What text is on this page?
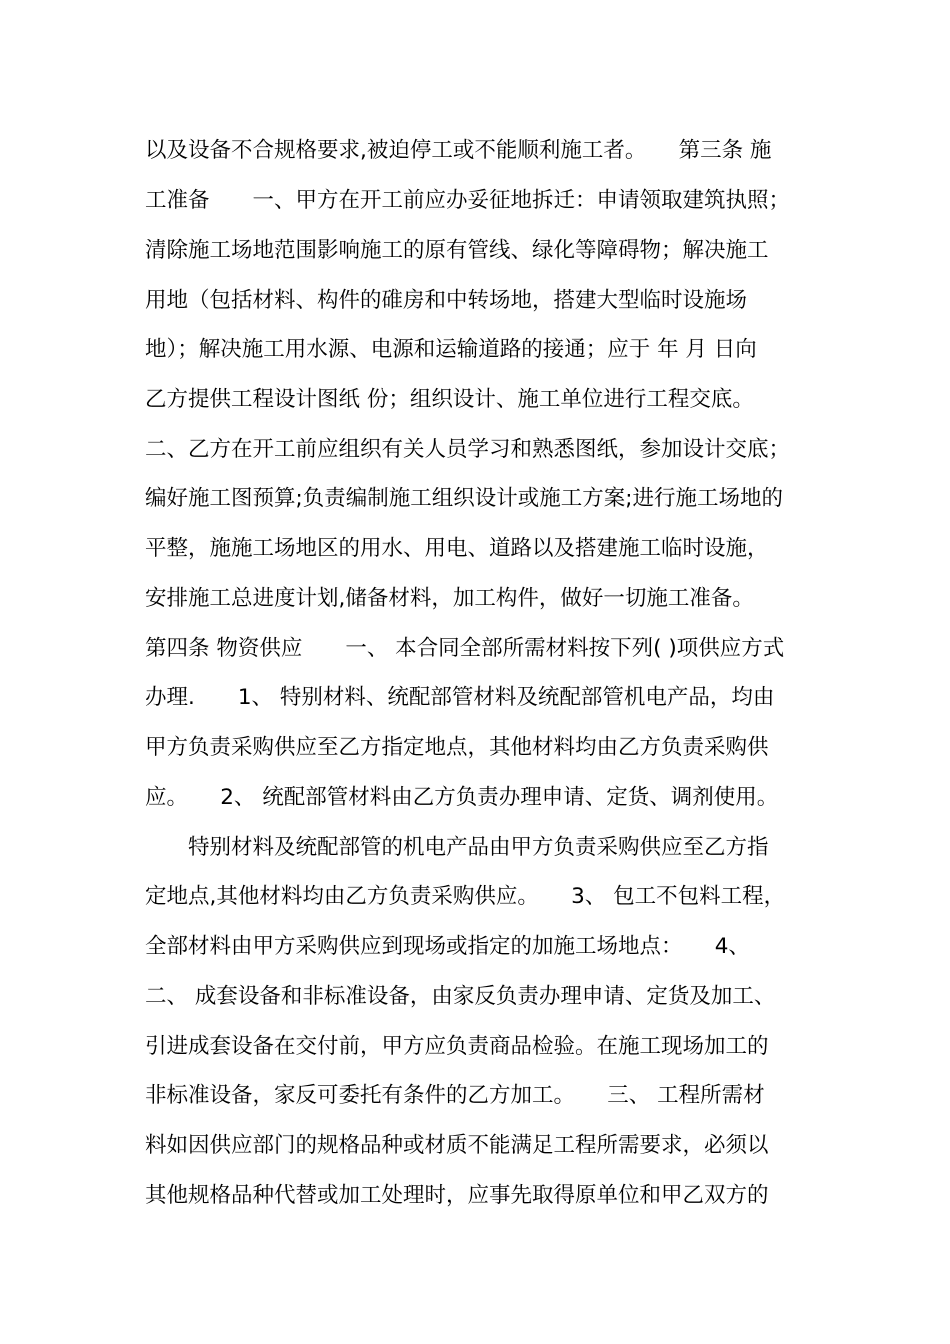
以及设备不合规格要求,被迫停工或不能顺利施工者。　　第三条 施
工准备　　一、甲方在开工前应办妥征地拆迁：申请领取建筑执照；
清除施工场地范围影响施工的原有管线、绿化等障碍物；解决施工
用地（包括材料、构件的碓房和中转场地，搭建大型临时设施场
地）；解决施工用水源、电源和运输道路的接通；应于 年 月 日向
乙方提供工程设计图纸 份；组织设计、施工单位进行工程交底。
二、乙方在开工前应组织有关人员学习和熟悉图纸，参加设计交底；
编好施工图预算;负责编制施工组织设计或施工方案;进行施工场地的
平整，施施工场地区的用水、用电、道路以及搭建施工临时设施，
安排施工总进度计划,储备材料，加工构件，做好一切施工准备。
第四条 物资供应　　一、 本合同全部所需材料按下列( )项供应方式
办理.　　1、 特别材料、统配部管材料及统配部管机电产品，均由
甲方负责采购供应至乙方指定地点，其他材料均由乙方负责采购供
应。　　2、 统配部管材料由乙方负责办理申请、定货、调剂使用。
　　特别材料及统配部管的机电产品由甲方负责采购供应至乙方指
定地点,其他材料均由乙方负责采购供应。　　3、 包工不包料工程，
全部材料由甲方采购供应到现场或指定的加施工场地点：　　4、
二、 成套设备和非标准设备，由家反负责办理申请、定货及加工、
引进成套设备在交付前，甲方应负责商品检验。在施工现场加工的
非标准设备，家反可委托有条件的乙方加工。　　三、 工程所需材
料如因供应部门的规格品种或材质不能满足工程所需要求，必须以
其他规格品种代替或加工处理时，应事先取得原单位和甲乙双方的
